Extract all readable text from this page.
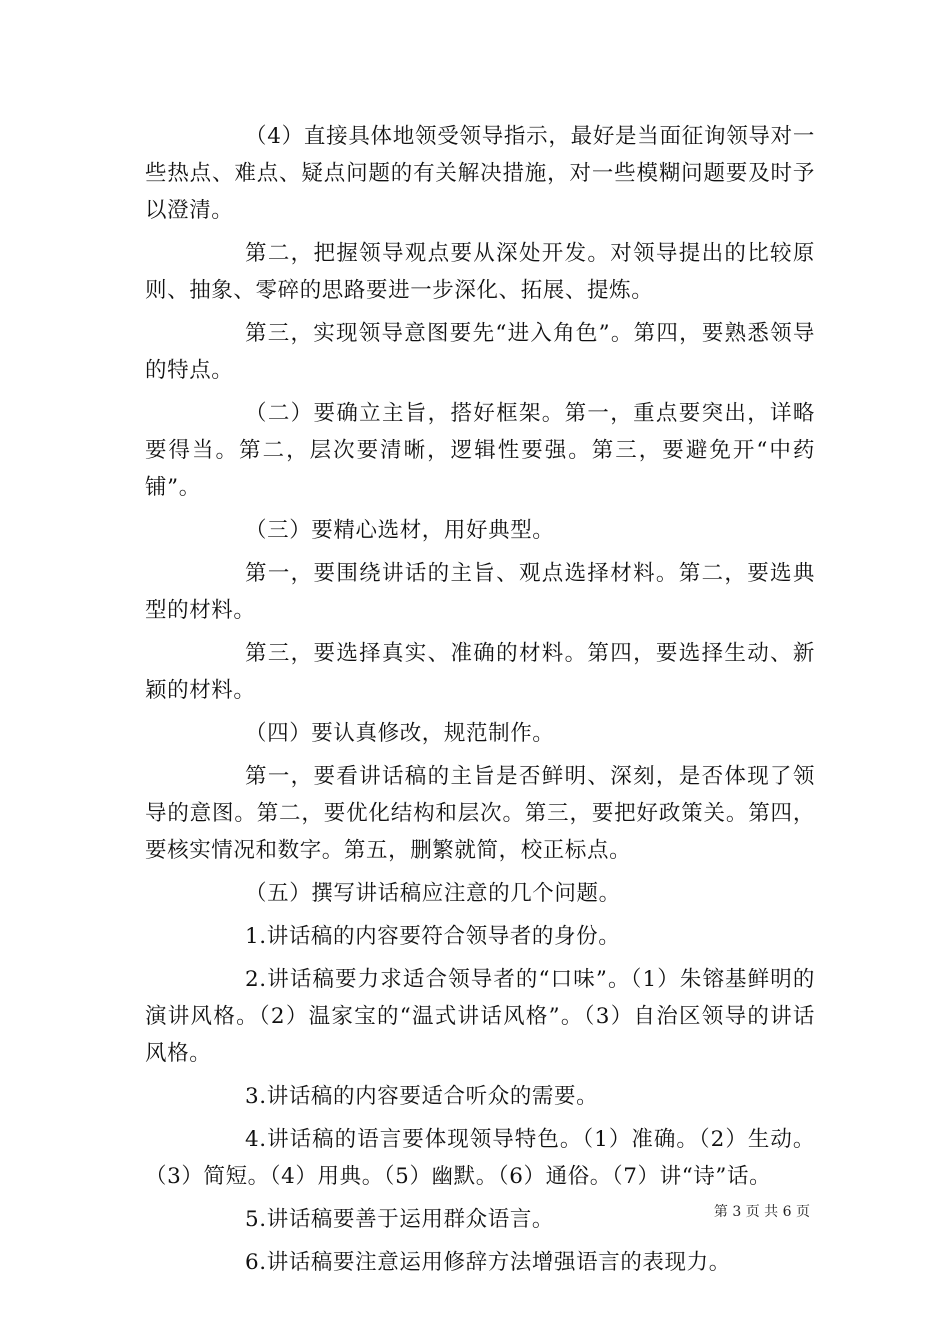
（4）直接具体地领受领导指示，最好是当面征询领导对一些热点、难点、疑点问题的有关解决措施，对一些模糊问题要及时予以澄清。

第二，把握领导观点要从深处开发。对领导提出的比较原则、抽象、零碎的思路要进一步深化、拓展、提炼。

第三，实现领导意图要先“进入角色”。第四，要熟悉领导的特点。

（二）要确立主旨，搭好框架。第一，重点要突出，详略要得当。第二，层次要清晰，逻辑性要强。第三，要避免开“中药铺”。

（三）要精心选材，用好典型。

第一，要围绕讲话的主旨、观点选择材料。第二，要选典型的材料。

第三，要选择真实、准确的材料。第四，要选择生动、新颖的材料。

（四）要认真修改，规范制作。

第一，要看讲话稿的主旨是否鲜明、深刻，是否体现了领导的意图。第二，要优化结构和层次。第三，要把好政策关。第四，要核实情况和数字。第五，删繁就简，校正标点。

（五）撰写讲话稿应注意的几个问题。

1.讲话稿的内容要符合领导者的身份。

2.讲话稿要力求适合领导者的“口味”。（1）朱镕基鲜明的演讲风格。（2）温家宝的“温式讲话风格”。（3）自治区领导的讲话风格。

3.讲话稿的内容要适合听众的需要。

4.讲话稿的语言要体现领导特色。（1）准确。（2）生动。（3）简短。（4）用典。（5）幽默。（6）通俗。（7）讲“诗”话。

5.讲话稿要善于运用群众语言。

6.讲话稿要注意运用修辞方法增强语言的表现力。

第 3 页 共 6 页
